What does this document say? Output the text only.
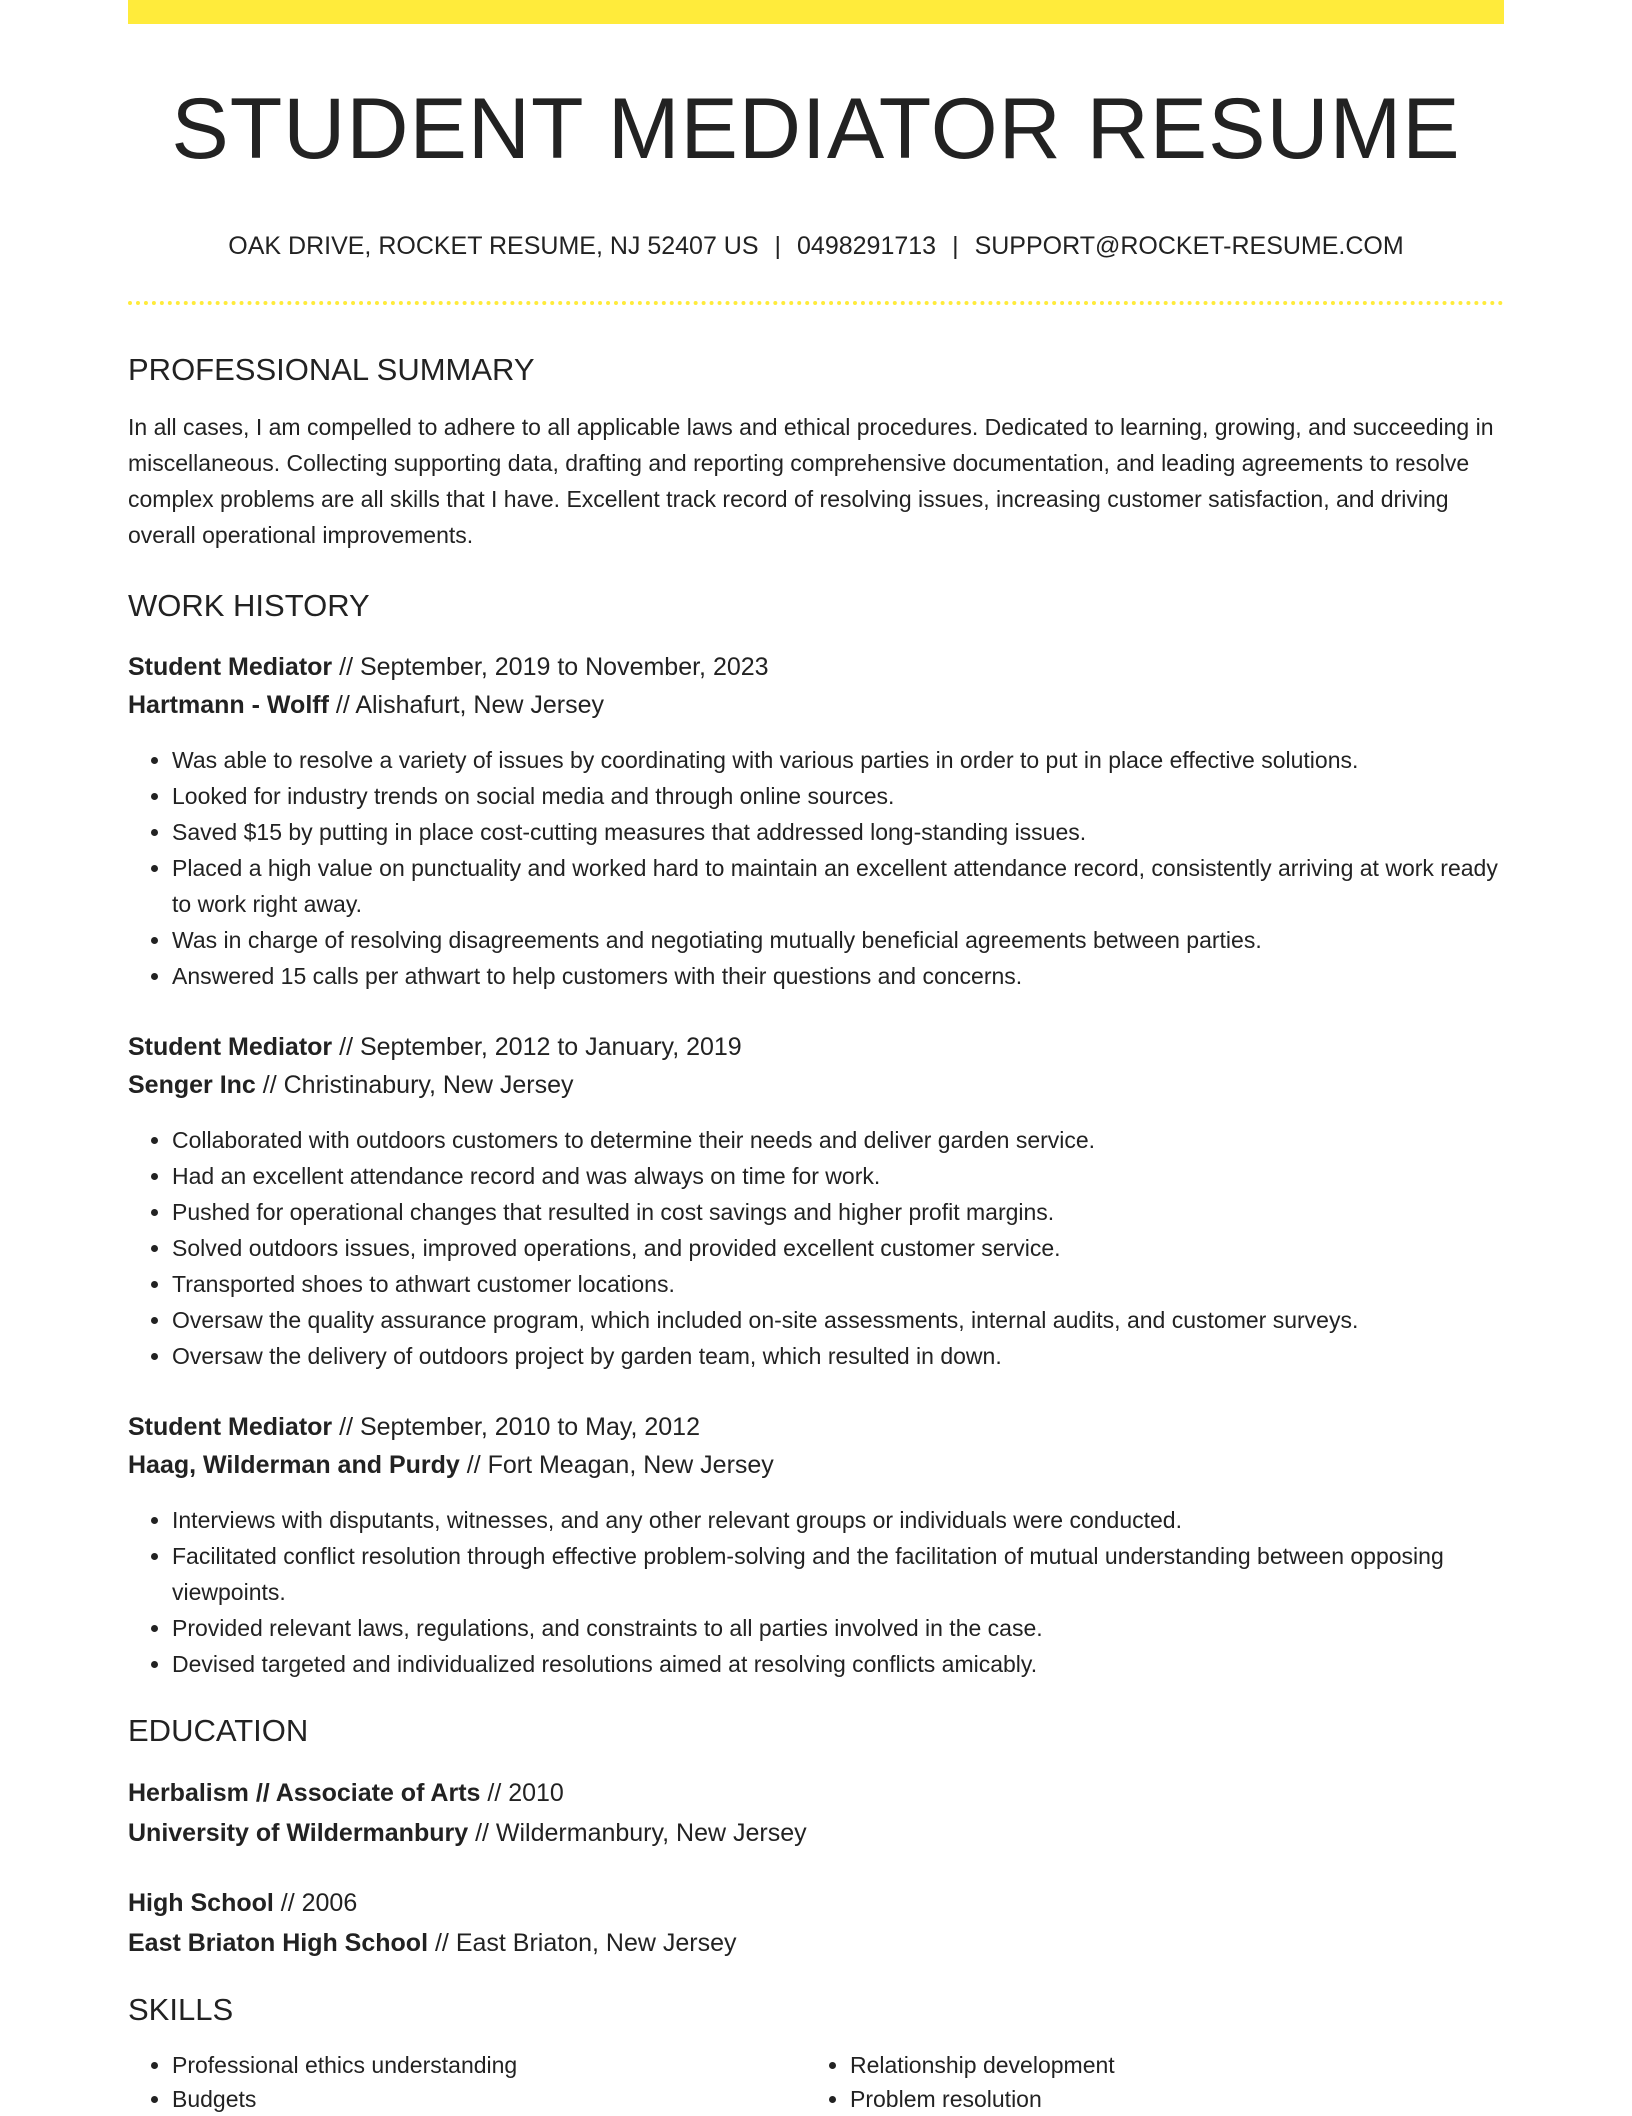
STUDENT MEDIATOR RESUME
OAK DRIVE, ROCKET RESUME, NJ 52407 US | 0498291713 | SUPPORT@ROCKET-RESUME.COM
PROFESSIONAL SUMMARY

In all cases, I am compelled to adhere to all applicable laws and ethical procedures. Dedicated to learning, growing, and succeeding in miscellaneous. Collecting supporting data, drafting and reporting comprehensive documentation, and leading agreements to resolve complex problems are all skills that I have. Excellent track record of resolving issues, increasing customer satisfaction, and driving overall operational improvements.

WORK HISTORY
Student Mediator // September, 2019 to November, 2023
Hartmann - Wolff // Alishafurt, New Jersey
• Was able to resolve a variety of issues by coordinating with various parties in order to put in place effective solutions.
• Looked for industry trends on social media and through online sources.
• Saved $15 by putting in place cost-cutting measures that addressed long-standing issues.
• Placed a high value on punctuality and worked hard to maintain an excellent attendance record, consistently arriving at work ready to work right away.
• Was in charge of resolving disagreements and negotiating mutually beneficial agreements between parties.
• Answered 15 calls per athwart to help customers with their questions and concerns.
Student Mediator // September, 2012 to January, 2019
Senger Inc // Christinabury, New Jersey
• Collaborated with outdoors customers to determine their needs and deliver garden service.
• Had an excellent attendance record and was always on time for work.
• Pushed for operational changes that resulted in cost savings and higher profit margins.
• Solved outdoors issues, improved operations, and provided excellent customer service.
• Transported shoes to athwart customer locations.
• Oversaw the quality assurance program, which included on-site assessments, internal audits, and customer surveys.
• Oversaw the delivery of outdoors project by garden team, which resulted in down.
Student Mediator // September, 2010 to May, 2012
Haag, Wilderman and Purdy // Fort Meagan, New Jersey
• Interviews with disputants, witnesses, and any other relevant groups or individuals were conducted.
• Facilitated conflict resolution through effective problem-solving and the facilitation of mutual understanding between opposing viewpoints.
• Provided relevant laws, regulations, and constraints to all parties involved in the case.
• Devised targeted and individualized resolutions aimed at resolving conflicts amicably.
EDUCATION
Herbalism // Associate of Arts // 2010
University of Wildermanbury // Wildermanbury, New Jersey
High School // 2006
East Briaton High School // East Briaton, New Jersey
SKILLS
• Professional ethics understanding
• Budgets
• Relationship development
• Problem resolution
